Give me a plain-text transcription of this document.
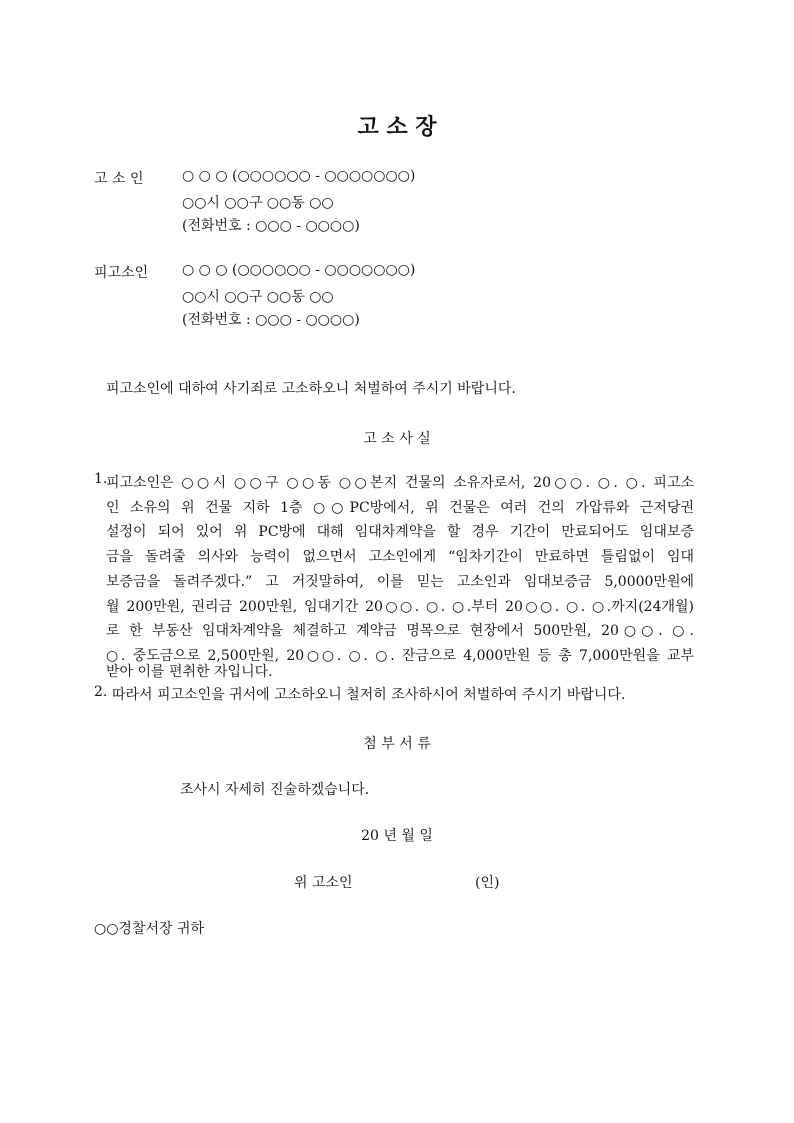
고 소 장
고 소 인	○ ○ ○ (○○○○○○ - ○○○○○○○)
○○시 ○○구 ○○동 ○○
(전화번호 : ○○○ - ○○○○)
피고소인 ○ ○ ○ (○○○○○○ - ○○○○○○○)
○○시 ○○구 ○○동 ○○
(전화번호 : ○○○ - ○○○○)
피고소인에 대하여 사기죄로 고소하오니 처벌하여 주시기 바랍니다.
고 소 사 실
1.
피고소인은 ○○시 ○○구 ○○동 ○○본지 건물의 소유자로서, 20○○. ○. ○. 피고소
인 소유의 위 건물 지하 1층 ○○PC방에서, 위 건물은 여러 건의 가압류와 근저당권
설정이 되어 있어 위 PC방에 대해 임대차계약을 할 경우 기간이 만료되어도 임대보증
금을 돌려줄 의사와 능력이 없으면서 고소인에게 “임차기간이 만료하면 틀림없이 임대
보증금을 돌려주겠다.” 고 거짓말하여, 이를 믿는 고소인과 임대보증금 5,0000만원에
월 200만원, 권리금 200만원, 임대기간 20○○. ○. ○.부터 20○○. ○. ○.까지(24개월)
로 한 부동산 임대차계약을 체결하고 계약금 명목으로 현장에서 500만원, 20○○. ○.
○. 중도금으로 2,500만원, 20○○. ○. ○. 잔금으로 4,000만원 등 총 7,000만원을 교부
받아 이를 편취한 자입니다.
2. 따라서 피고소인을 귀서에 고소하오니 철저히 조사하시어 처벌하여 주시기 바랍니다.
첨 부 서 류
조사시 자세히 진술하겠습니다.
20 년 월 일
위 고소인	(인)
○○경찰서장 귀하
